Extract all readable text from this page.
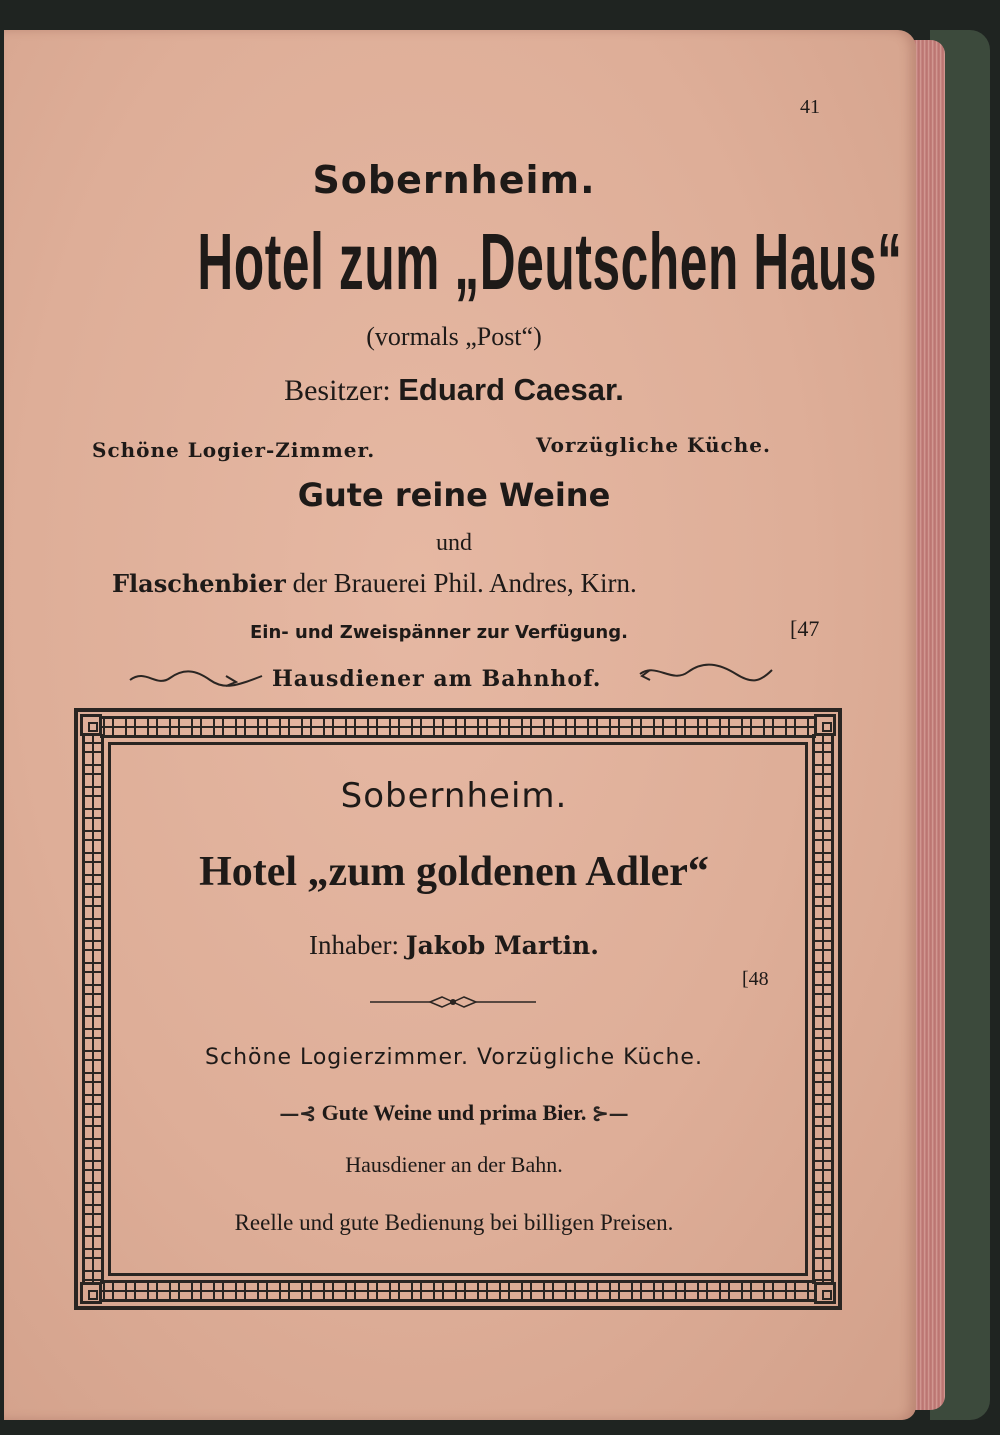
41
Sobernheim.
Hotel zum „Deutschen Haus“
(vormals „Post“)
Besitzer: Eduard Caesar.
Schöne Logier-Zimmer.	Vorzügliche Küche.
Gute reine Weine
und
Flaschenbier der Brauerei Phil. Andres, Kirn.
Ein- und Zweispänner zur Verfügung.	[47
Hausdiener am Bahnhof.
Sobernheim.
Hotel „zum goldenen Adler“
Inhaber: Jakob Martin.
[48
Schöne Logierzimmer. Vorzügliche Küche.
—⊰ Gute Weine und prima Bier. ⊱—
Hausdiener an der Bahn.
Reelle und gute Bedienung bei billigen Preisen.
